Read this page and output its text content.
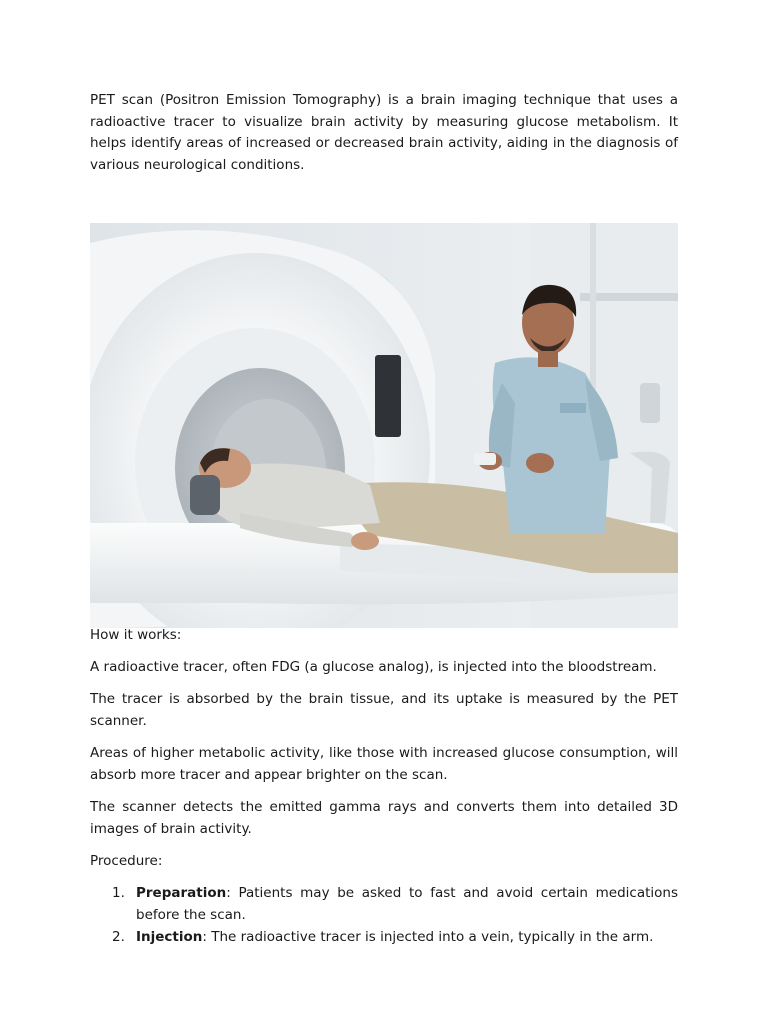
PET scan (Positron Emission Tomography) is a brain imaging technique that uses a radioactive tracer to visualize brain activity by measuring glucose metabolism. It helps identify areas of increased or decreased brain activity, aiding in the diagnosis of various neurological conditions.

How it works:

A radioactive tracer, often FDG (a glucose analog), is injected into the bloodstream.

The tracer is absorbed by the brain tissue, and its uptake is measured by the PET scanner.

Areas of higher metabolic activity, like those with increased glucose consumption, will absorb more tracer and appear brighter on the scan.

The scanner detects the emitted gamma rays and converts them into detailed 3D images of brain activity.

Procedure:

1. Preparation: Patients may be asked to fast and avoid certain medications before the scan.
2. Injection: The radioactive tracer is injected into a vein, typically in the arm.
